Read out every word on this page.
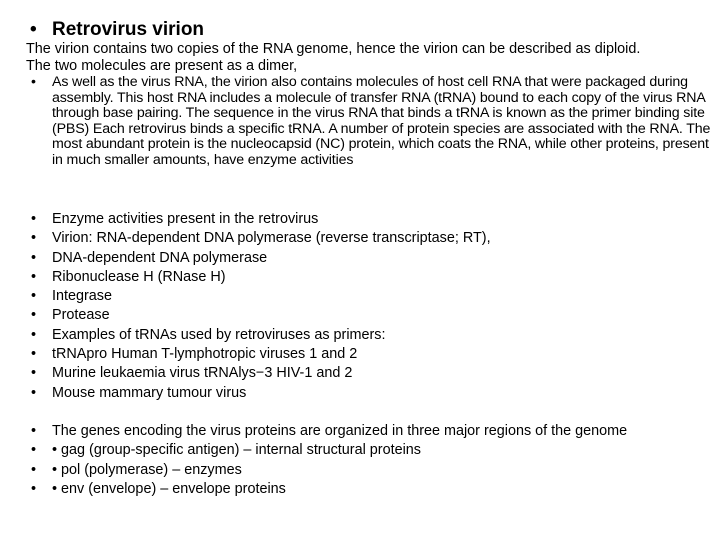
• Retrovirus virion

The virion contains two copies of the RNA genome, hence the virion can be described as diploid.

The two molecules are present as a dimer,

• As well as the virus RNA, the virion also contains molecules of host cell RNA that were packaged during assembly. This host RNA includes a molecule of transfer RNA (tRNA) bound to each copy of the virus RNA through base pairing. The sequence in the virus RNA that binds a tRNA is known as the primer binding site (PBS) Each retrovirus binds a specific tRNA. A number of protein species are associated with the RNA. The most abundant protein is the nucleocapsid (NC) protein, which coats the RNA, while other proteins, present in much smaller amounts, have enzyme activities
• Enzyme activities present in the retrovirus
• Virion: RNA-dependent DNA polymerase (reverse transcriptase; RT),
• DNA-dependent DNA polymerase
• Ribonuclease H (RNase H)
• Integrase
• Protease
• Examples of tRNAs used by retroviruses as primers:
• tRNApro Human T-lymphotropic viruses 1 and 2
• Murine leukaemia virus tRNAlys−3 HIV-1 and 2
• Mouse mammary tumour virus
• The genes encoding the virus proteins are organized in three major regions of the genome
• • gag (group-specific antigen) – internal structural proteins
• • pol (polymerase) – enzymes
• • env (envelope) – envelope proteins
